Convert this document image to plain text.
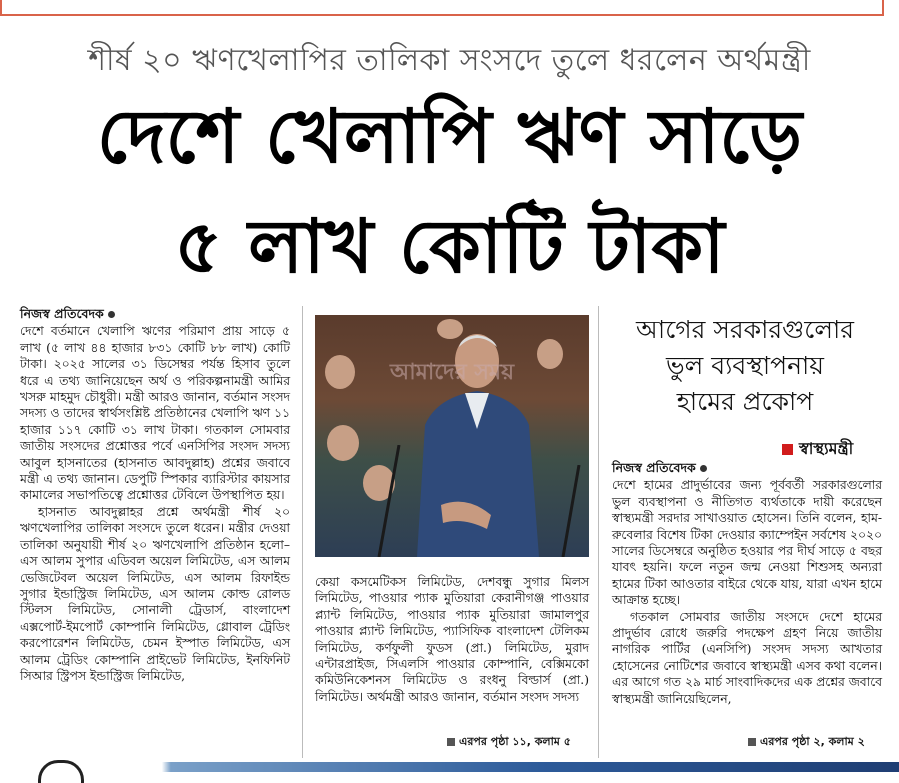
শীর্ষ ২০ ঋণখেলাপির তালিকা সংসদে তুলে ধরলেন অর্থমন্ত্রী
দেশে খেলাপি ঋণ সাড়ে
৫ লাখ কোটি টাকা
নিজস্ব প্রতিবেদক

দেশে বর্তমানে খেলাপি ঋণের পরিমাণ প্রায় সাড়ে ৫ লাখ (৫ লাখ ৪৪ হাজার ৮৩১ কোটি ৮৮ লাখ) কোটি টাকা। ২০২৫ সালের ৩১ ডিসেম্বর পর্যন্ত হিসাব তুলে ধরে এ তথ্য জানিয়েছেন অর্থ ও পরিকল্পনামন্ত্রী আমির খসরু মাহমুদ চৌধুরী। মন্ত্রী আরও জানান, বর্তমান সংসদ সদস্য ও তাদের স্বার্থসংশ্লিষ্ট প্রতিষ্ঠানের খেলাপি ঋণ ১১ হাজার ১১৭ কোটি ৩১ লাখ টাকা। গতকাল সোমবার জাতীয় সংসদের প্রশ্নোত্তর পর্বে এনসিপির সংসদ সদস্য আবুল হাসনাতের (হাসনাত আবদুল্লাহ) প্রশ্নের জবাবে মন্ত্রী এ তথ্য জানান। ডেপুটি স্পিকার ব্যারিস্টার কায়সার কামালের সভাপতিত্বে প্রশ্নোত্তর টেবিলে উপস্থাপিত হয়।

হাসনাত আবদুল্লাহর প্রশ্নে অর্থমন্ত্রী শীর্ষ ২০ ঋণখেলাপির তালিকা সংসদে তুলে ধরেন। মন্ত্রীর দেওয়া তালিকা অনুযায়ী শীর্ষ ২০ ঋণখেলাপি প্রতিষ্ঠান হলো– এস আলম সুপার এডিবল অয়েল লিমিটেড, এস আলম ভেজিটেবল অয়েল লিমিটেড, এস আলম রিফাইন্ড সুগার ইন্ডাস্ট্রিজ লিমিটেড, এস আলম কোল্ড রোলড স্টিলস লিমিটেড, সোনালী ট্রেডার্স, বাংলাদেশ এক্সপোর্ট-ইমপোর্ট কোম্পানি লিমিটেড, গ্লোবাল ট্রেডিং করপোরেশন লিমিটেড, চেমন ইস্পাত লিমিটেড, এস আলম ট্রেডিং কোম্পানি প্রাইভেট লিমিটেড, ইনফিনিট সিআর স্ট্রিপস ইন্ডাস্ট্রিজ লিমিটেড,

আমাদের সময়

কেয়া কসমেটিকস লিমিটেড, দেশবন্ধু সুগার মিলস লিমিটেড, পাওয়ার প্যাক মুতিয়ারা কেরানীগঞ্জ পাওয়ার প্ল্যান্ট লিমিটেড, পাওয়ার প্যাক মুতিয়ারা জামালপুর পাওয়ার প্ল্যান্ট লিমিটেড, প্যাসিফিক বাংলাদেশ টেলিকম লিমিটেড, কর্ণফুলী ফুডস (প্রা.) লিমিটেড, মুরাদ এন্টারপ্রাইজ, সিএলসি পাওয়ার কোম্পানি, বেক্সিমকো কমিউনিকেশনস লিমিটেড ও রংধনু বিল্ডার্স (প্রা.) লিমিটেড। অর্থমন্ত্রী আরও জানান, বর্তমান সংসদ সদস্য

এরপর পৃষ্ঠা ১১, কলাম ৫
আগের সরকারগুলোর
ভুল ব্যবস্থাপনায়
হামের প্রকোপ
স্বাস্থ্যমন্ত্রী
নিজস্ব প্রতিবেদক

দেশে হামের প্রাদুর্ভাবের জন্য পূর্ববর্তী সরকারগুলোর ভুল ব্যবস্থাপনা ও নীতিগত ব্যর্থতাকে দায়ী করেছেন স্বাস্থ্যমন্ত্রী সরদার সাখাওয়াত হোসেন। তিনি বলেন, হাম-রুবেলার বিশেষ টিকা দেওয়ার ক্যাম্পেইন সর্বশেষ ২০২০ সালের ডিসেম্বরে অনুষ্ঠিত হওয়ার পর দীর্ঘ সাড়ে ৫ বছর যাবৎ হয়নি। ফলে নতুন জন্ম নেওয়া শিশুসহ অন্যরা হামের টিকা আওতার বাইরে থেকে যায়, যারা এখন হামে আক্রান্ত হচ্ছে।

গতকাল সোমবার জাতীয় সংসদে দেশে হামের প্রাদুর্ভাব রোধে জরুরি পদক্ষেপ গ্রহণ নিয়ে জাতীয় নাগরিক পার্টির (এনসিপি) সংসদ সদস্য আখতার হোসেনের নোটিশের জবাবে স্বাস্থ্যমন্ত্রী এসব কথা বলেন। এর আগে গত ২৯ মার্চ সাংবাদিকদের এক প্রশ্নের জবাবে স্বাস্থ্যমন্ত্রী জানিয়েছিলেন,

এরপর পৃষ্ঠা ২, কলাম ২
